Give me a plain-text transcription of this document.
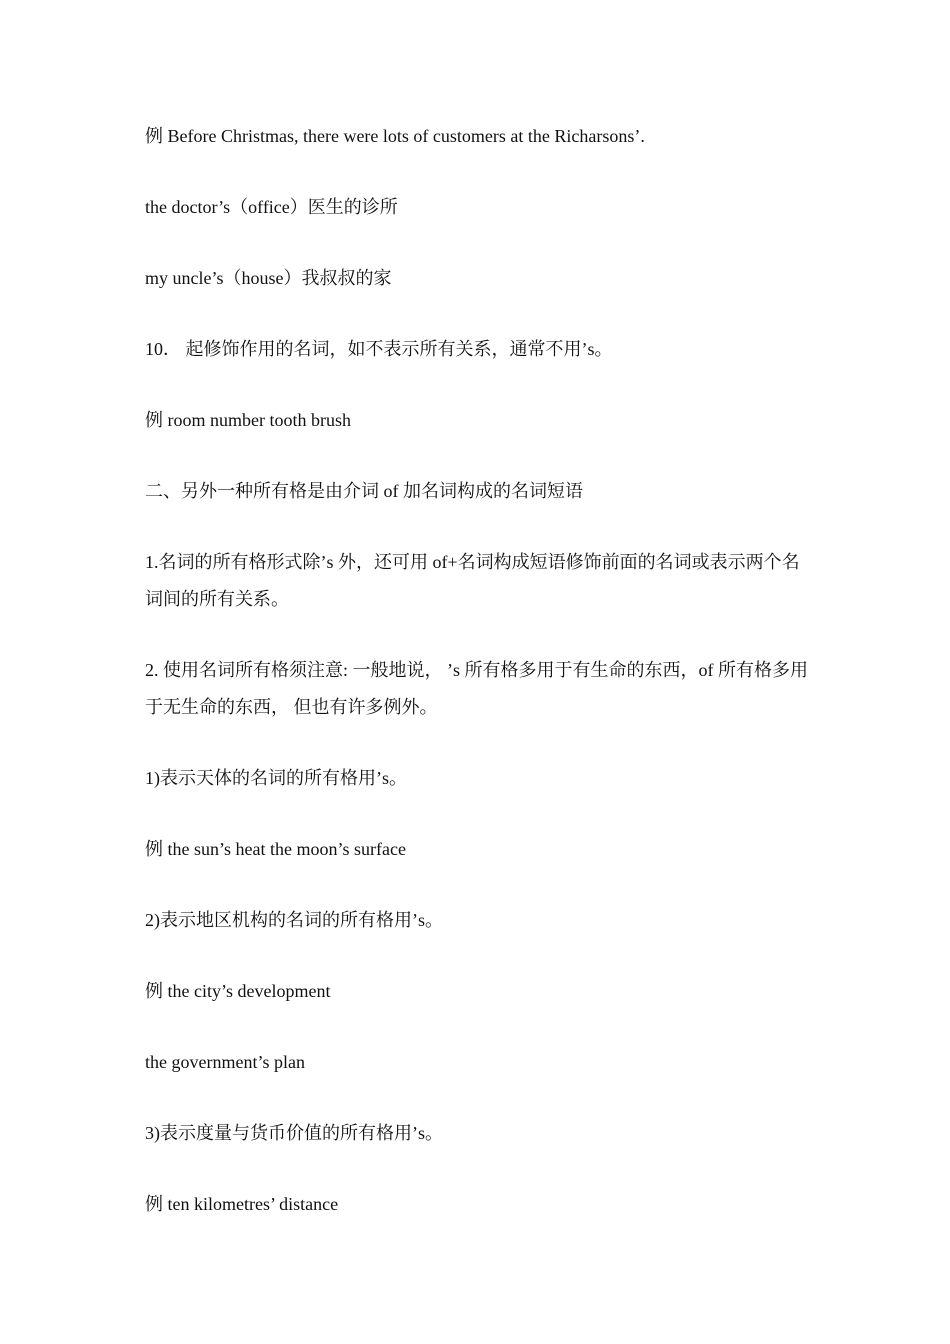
例 Before Christmas, there were lots of customers at the Richarsons’.
the doctor’s（office）医生的诊所
my uncle’s（house）我叔叔的家
10． 起修饰作用的名词，如不表示所有关系，通常不用’s。
例 room number tooth brush
二、另外一种所有格是由介词 of 加名词构成的名词短语
1.名词的所有格形式除’s 外，还可用 of+名词构成短语修饰前面的名词或表示两个名词间的所有关系。
2. 使用名词所有格须注意: 一般地说， ’s 所有格多用于有生命的东西，of 所有格多用于无生命的东西， 但也有许多例外。
1)表示天体的名词的所有格用’s。
例 the sun’s heat the moon’s surface
2)表示地区机构的名词的所有格用’s。
例 the city’s development
the government’s plan
3)表示度量与货币价值的所有格用’s。
例 ten kilometres’ distance
